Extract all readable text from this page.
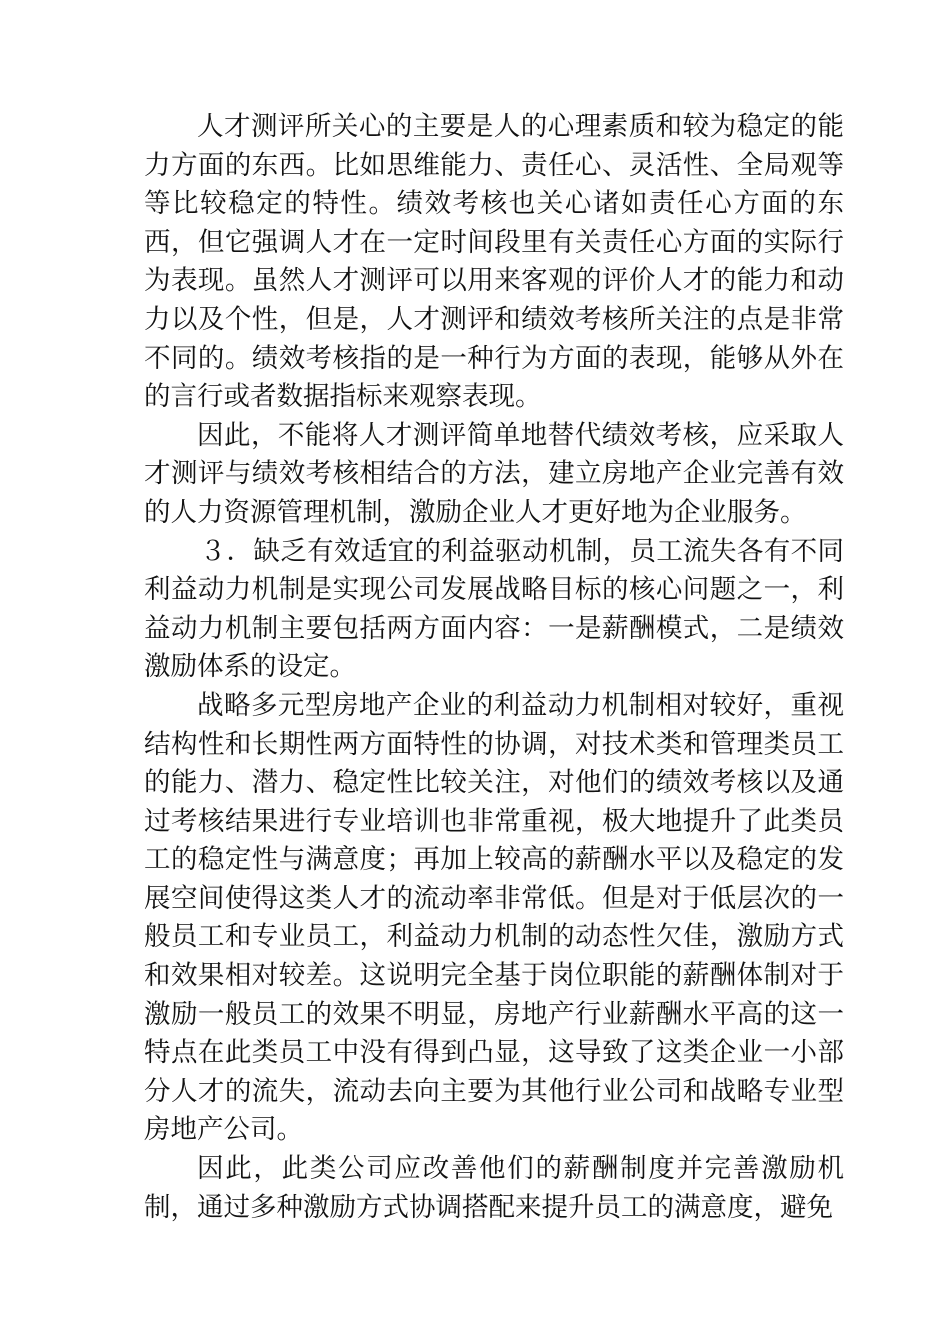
人才测评所关心的主要是人的心理素质和较为稳定的能力方面的东西。比如思维能力、责任心、灵活性、全局观等等比较稳定的特性。绩效考核也关心诸如责任心方面的东西，但它强调人才在一定时间段里有关责任心方面的实际行为表现。虽然人才测评可以用来客观的评价人才的能力和动力以及个性，但是，人才测评和绩效考核所关注的点是非常不同的。绩效考核指的是一种行为方面的表现，能够从外在的言行或者数据指标来观察表现。

因此，不能将人才测评简单地替代绩效考核，应采取人才测评与绩效考核相结合的方法，建立房地产企业完善有效的人力资源管理机制，激励企业人才更好地为企业服务。

３．缺乏有效适宜的利益驱动机制，员工流失各有不同利益动力机制是实现公司发展战略目标的核心问题之一，利益动力机制主要包括两方面内容：一是薪酬模式，二是绩效激励体系的设定。

战略多元型房地产企业的利益动力机制相对较好，重视结构性和长期性两方面特性的协调，对技术类和管理类员工的能力、潜力、稳定性比较关注，对他们的绩效考核以及通过考核结果进行专业培训也非常重视，极大地提升了此类员工的稳定性与满意度；再加上较高的薪酬水平以及稳定的发展空间使得这类人才的流动率非常低。但是对于低层次的一般员工和专业员工，利益动力机制的动态性欠佳，激励方式和效果相对较差。这说明完全基于岗位职能的薪酬体制对于激励一般员工的效果不明显，房地产行业薪酬水平高的这一特点在此类员工中没有得到凸显，这导致了这类企业一小部分人才的流失，流动去向主要为其他行业公司和战略专业型房地产公司。

因此，此类公司应改善他们的薪酬制度并完善激励机制，通过多种激励方式协调搭配来提升员工的满意度，避免
